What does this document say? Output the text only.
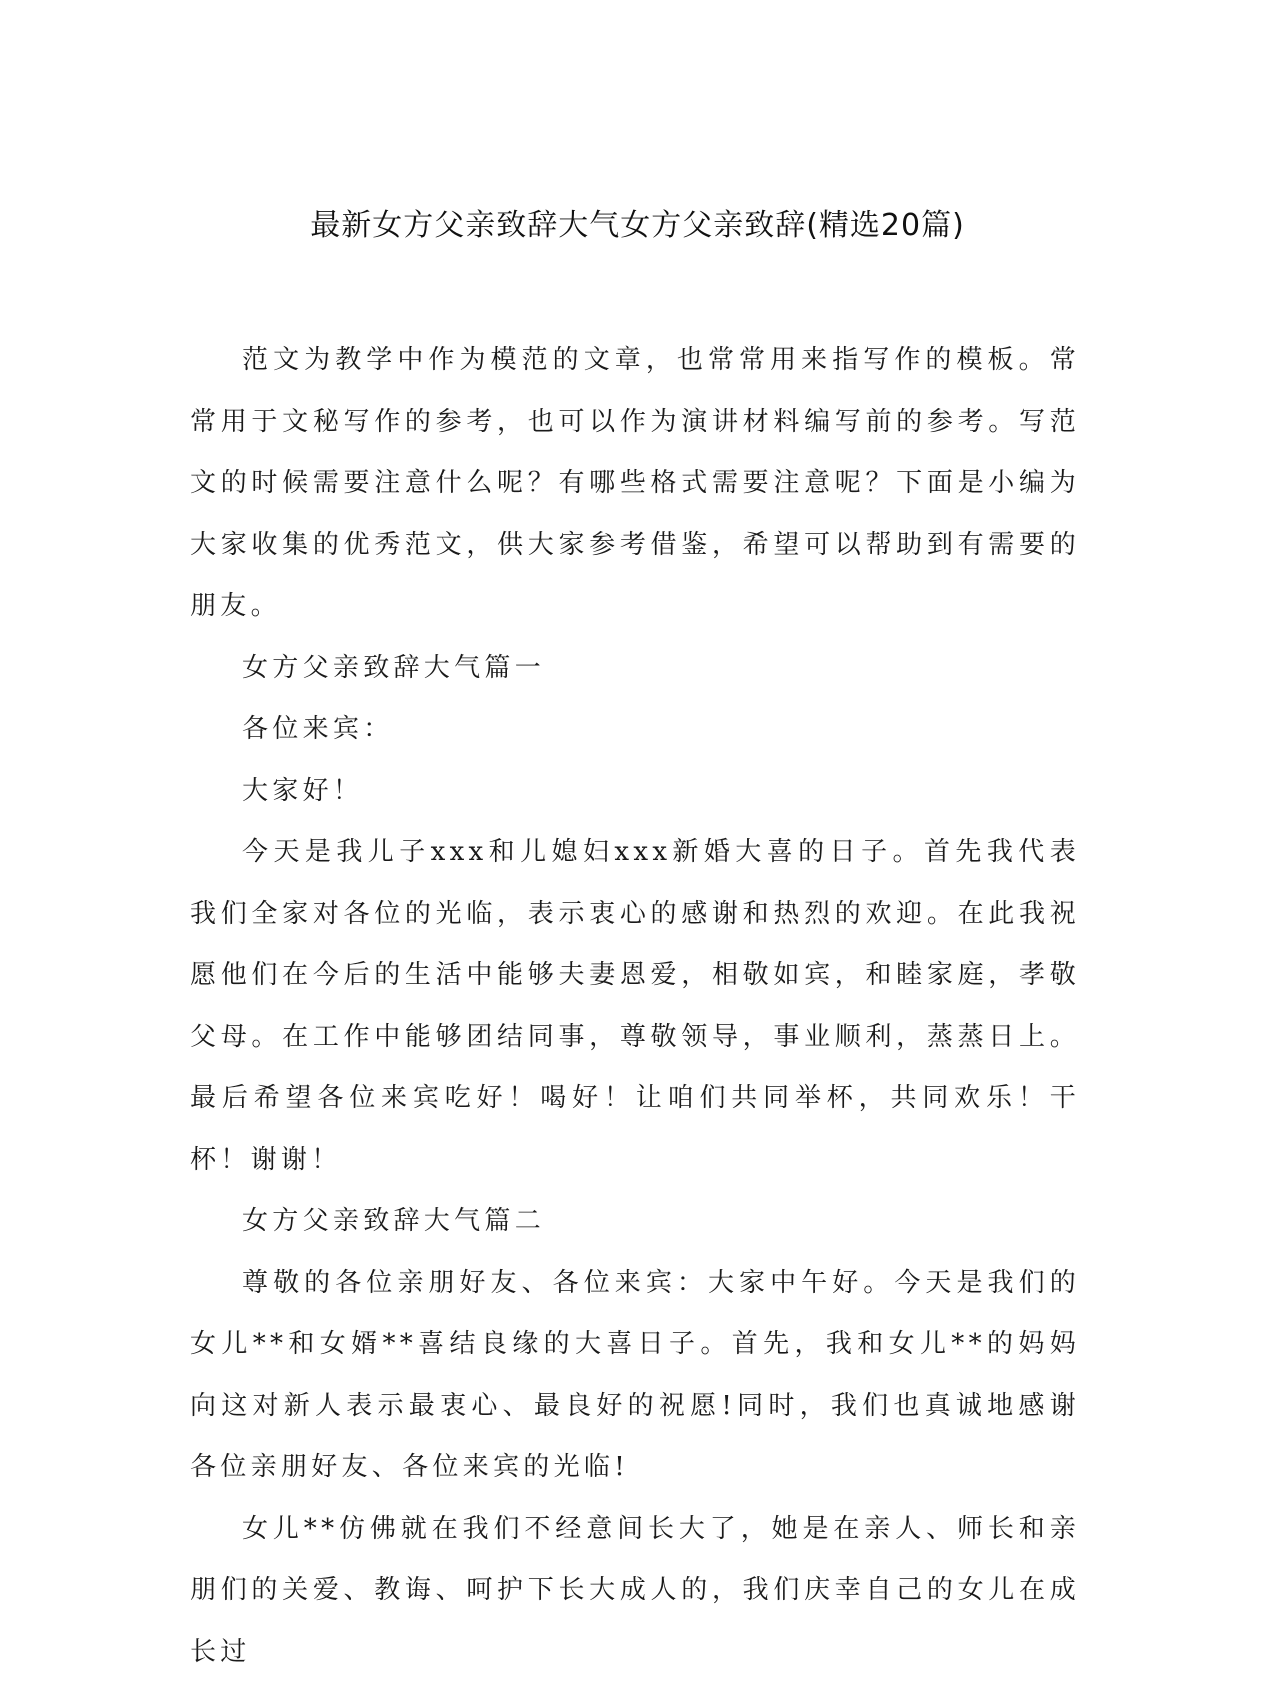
最新女方父亲致辞大气女方父亲致辞(精选20篇)

范文为教学中作为模范的文章，也常常用来指写作的模板。常常用于文秘写作的参考，也可以作为演讲材料编写前的参考。写范文的时候需要注意什么呢？有哪些格式需要注意呢？下面是小编为大家收集的优秀范文，供大家参考借鉴，希望可以帮助到有需要的朋友。

女方父亲致辞大气篇一

各位来宾：

大家好！

今天是我儿子xxx和儿媳妇xxx新婚大喜的日子。首先我代表我们全家对各位的光临，表示衷心的感谢和热烈的欢迎。在此我祝愿他们在今后的生活中能够夫妻恩爱，相敬如宾，和睦家庭，孝敬父母。在工作中能够团结同事，尊敬领导，事业顺利，蒸蒸日上。最后希望各位来宾吃好！喝好！让咱们共同举杯，共同欢乐！干杯！谢谢！

女方父亲致辞大气篇二

尊敬的各位亲朋好友、各位来宾：大家中午好。今天是我们的女儿**和女婿**喜结良缘的大喜日子。首先，我和女儿**的妈妈向这对新人表示最衷心、最良好的祝愿!同时，我们也真诚地感谢各位亲朋好友、各位来宾的光临!

女儿**仿佛就在我们不经意间长大了，她是在亲人、师长和亲朋们的关爱、教诲、呵护下长大成人的，我们庆幸自己的女儿在成长过
